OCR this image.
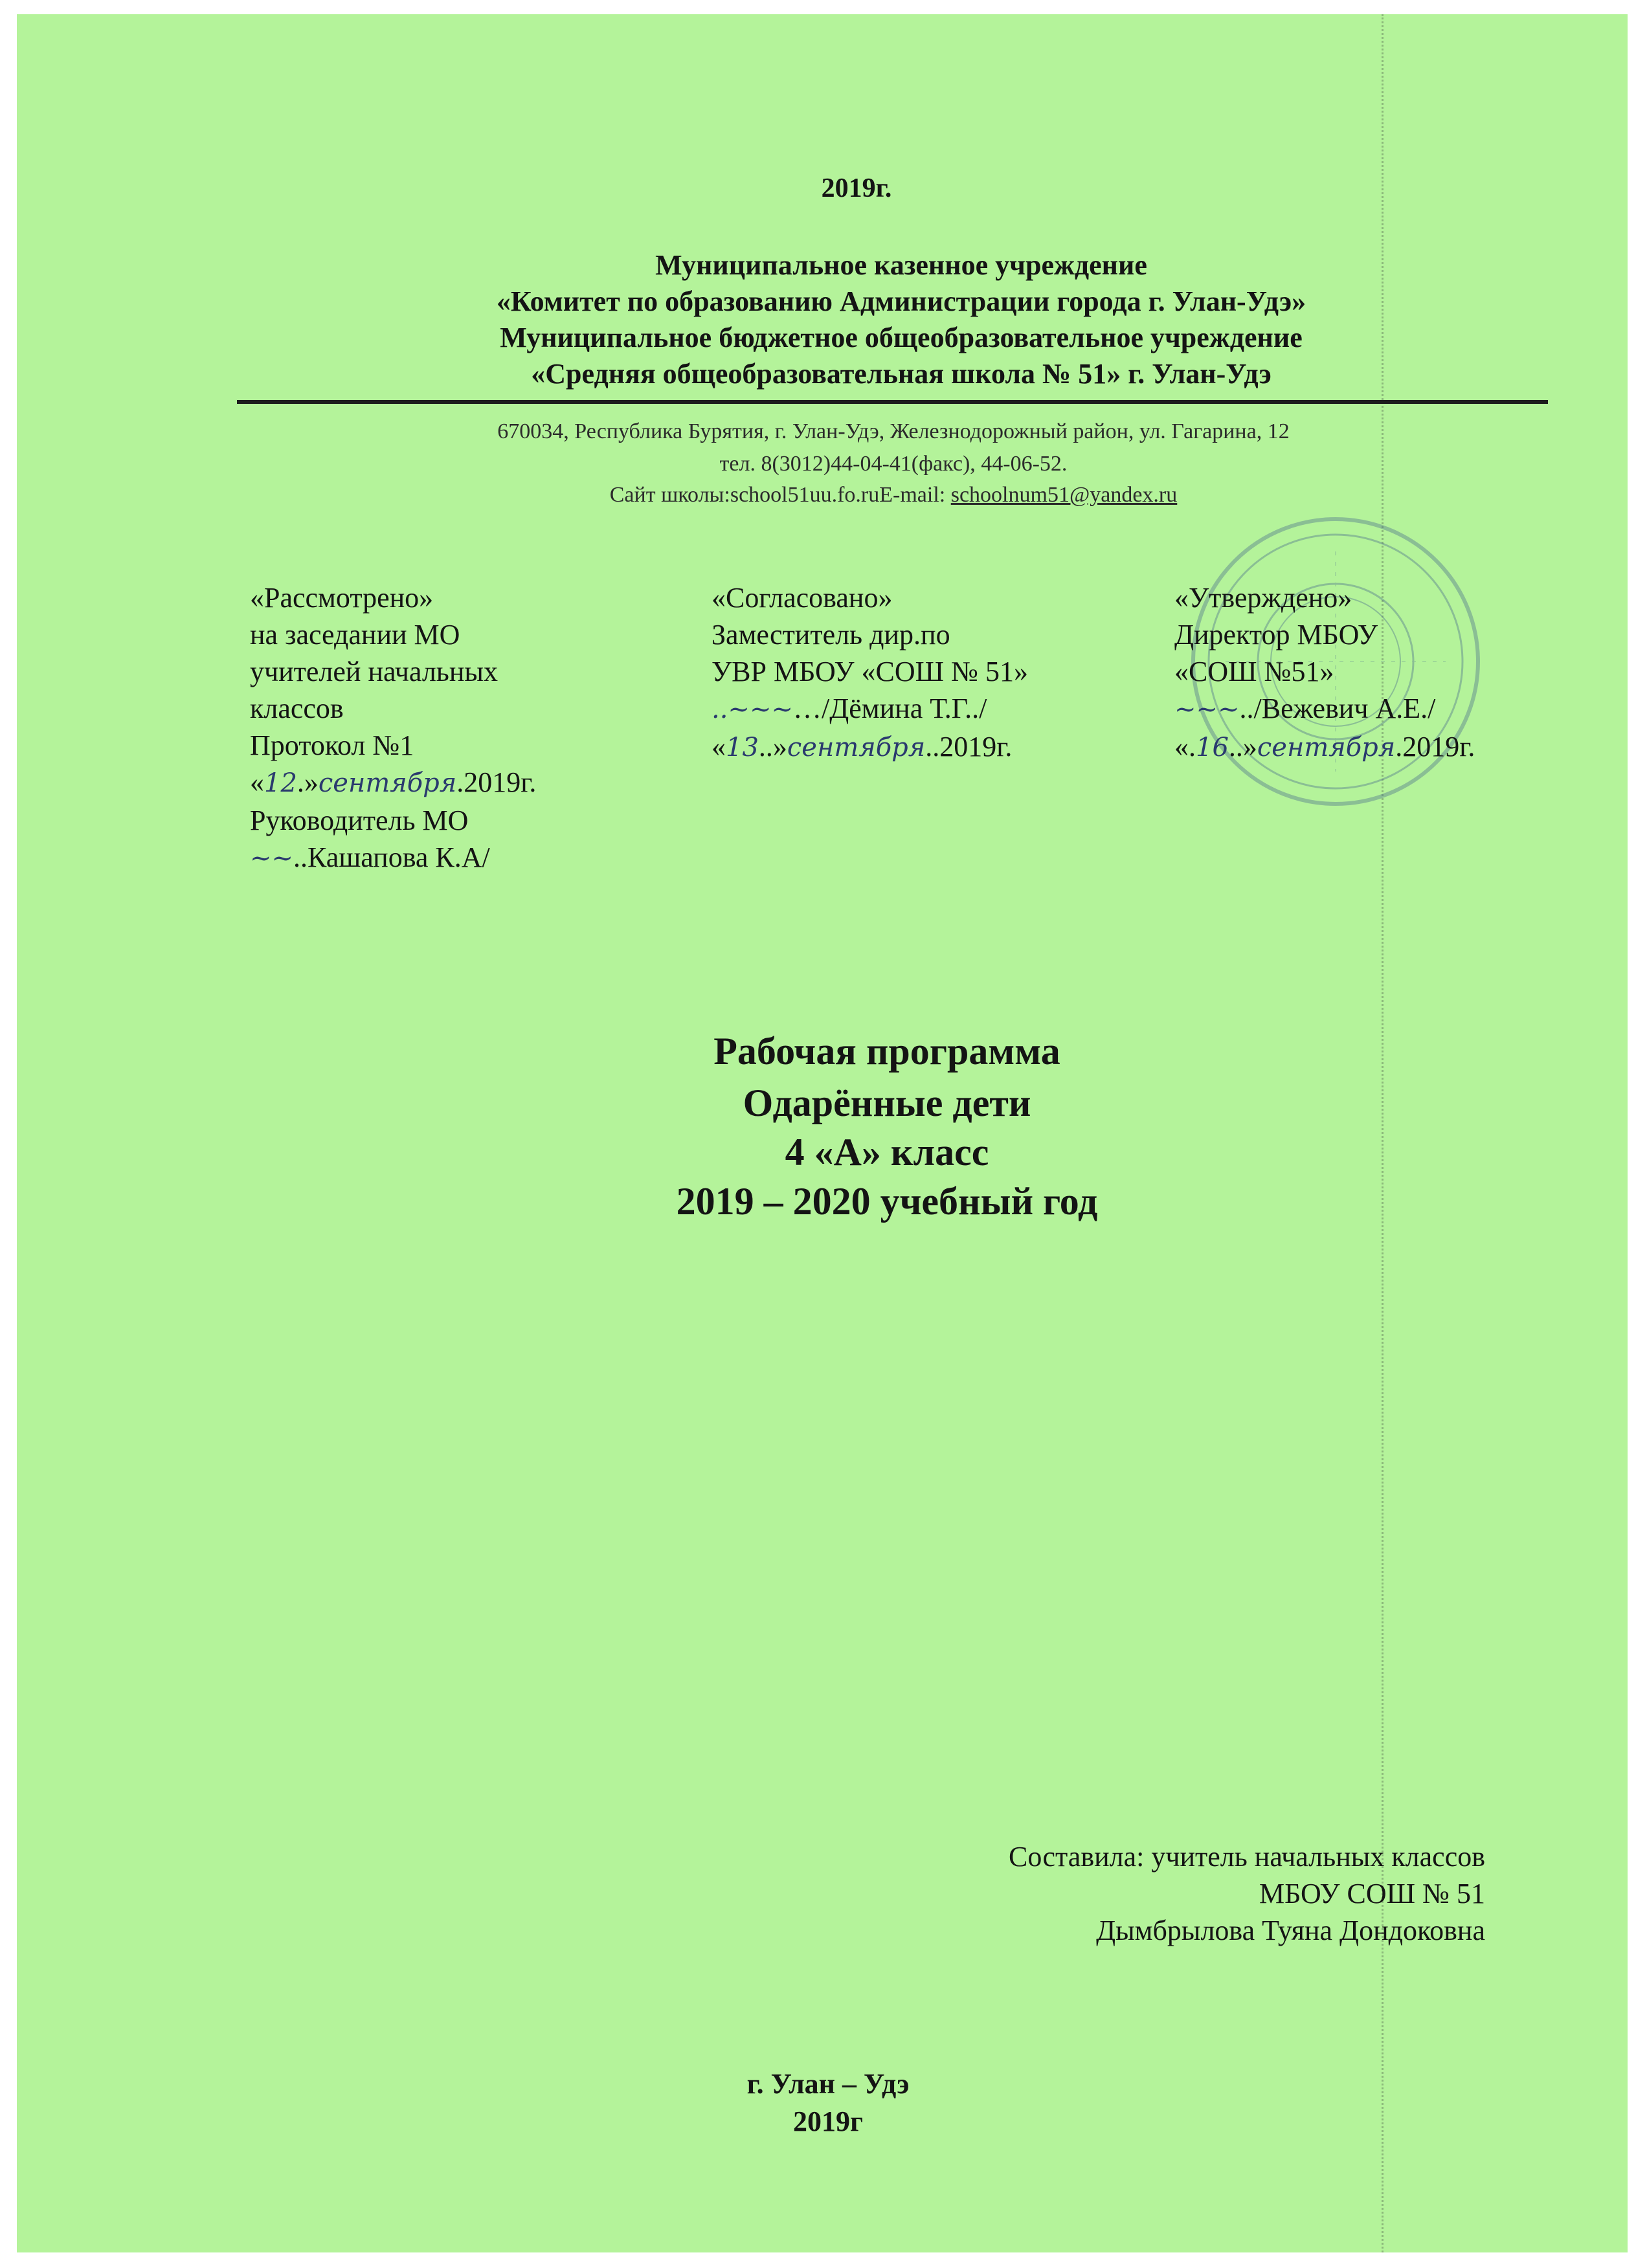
2019г.
Муниципальное казенное учреждение
«Комитет по образованию Администрации города г. Улан-Удэ»
Муниципальное бюджетное общеобразовательное учреждение
«Средняя общеобразовательная школа № 51» г. Улан-Удэ
670034, Республика Бурятия, г. Улан-Удэ, Железнодорожный район, ул. Гагарина, 12
тел. 8(3012)44-04-41(факс), 44-06-52.
Сайт школы:school51uu.fo.ruE-mail: schoolnum51@yandex.ru
«Рассмотрено»
на заседании МО
учителей начальных
классов
Протокол №1
«12.»сентября.2019г.
Руководитель МО
~~..Кашапова К.А/
«Согласовано»
Заместитель дир.по
УВР МБОУ «СОШ № 51»
..~~~…/Дёмина Т.Г../
«13..»сентября..2019г.
«Утверждено»
Директор МБОУ
«СОШ №51»
~~~../Вежевич А.Е./
«.16..»сентября.2019г.
Рабочая программа
Одарённые дети
4 «А» класс
2019 – 2020 учебный год
Составила: учитель начальных классов
МБОУ СОШ № 51
Дымбрылова Туяна Дондоковна
г. Улан – Удэ
2019г
